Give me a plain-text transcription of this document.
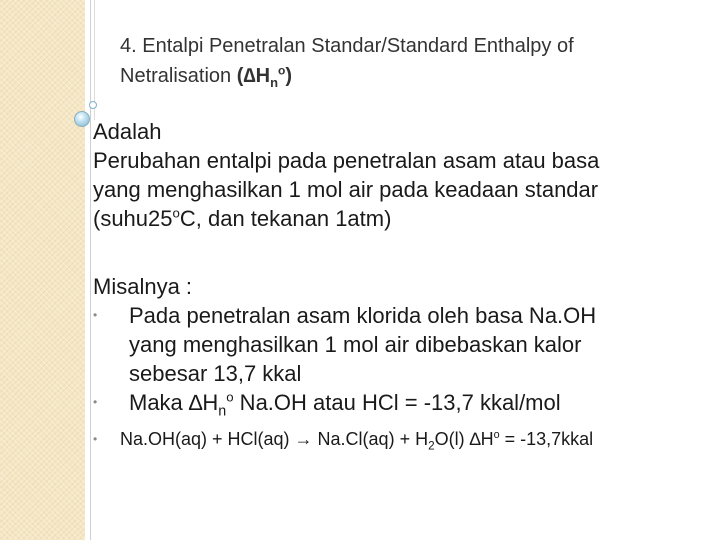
4. Entalpi Penetralan Standar/Standard Enthalpy of
Netralisation $(\Delta H_n^o)$

Adalah

Perubahan entalpi pada penetralan asam atau basa

yang menghasilkan 1 mol air pada keadaan standar

(suhu25$^o$C, dan tekanan 1atm)

Misalnya :

• Pada penetralan asam klorida oleh basa Na.OH

yang menghasilkan 1 mol air dibebaskan kalor

sebesar 13,7 kkal

• Maka $\Delta H_n^o$ Na.OH atau HCl = -13,7 kkal/mol

• $Na.OH(aq) + HCl(aq) \to Na.Cl(aq) + H_2O(l) \Delta H^o$ = -13,7kkal
